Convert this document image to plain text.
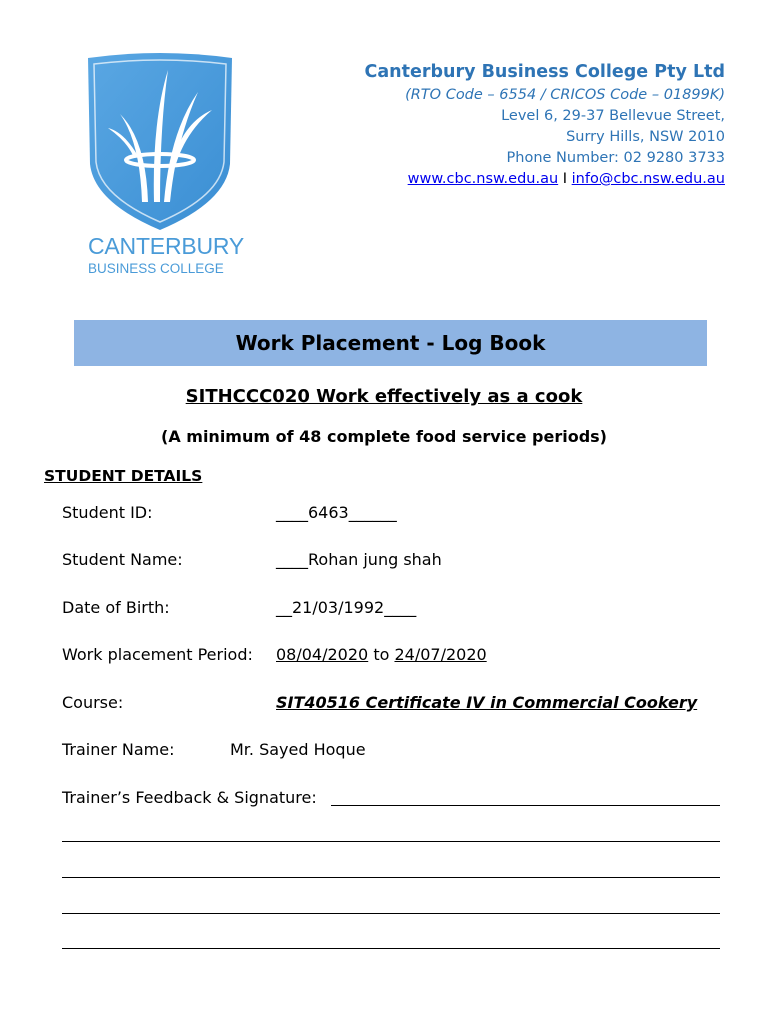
CANTERBURY
BUSINESS COLLEGE
Canterbury Business College Pty Ltd
(RTO Code – 6554 / CRICOS Code – 01899K)
Level 6, 29-37 Bellevue Street,
Surry Hills, NSW 2010
Phone Number: 02 9280 3733
www.cbc.nsw.edu.au I info@cbc.nsw.edu.au
Work Placement - Log Book
SITHCCC020 Work effectively as a cook
(A minimum of 48 complete food service periods)
STUDENT DETAILS
Student ID:	____6463______
Student Name:	____Rohan jung shah
Date of Birth:	__21/03/1992____
Work placement Period: 08/04/2020 to 24/07/2020
Course:	SIT40516 Certificate IV in Commercial Cookery
Trainer Name:	Mr. Sayed Hoque
Trainer’s Feedback & Signature:
